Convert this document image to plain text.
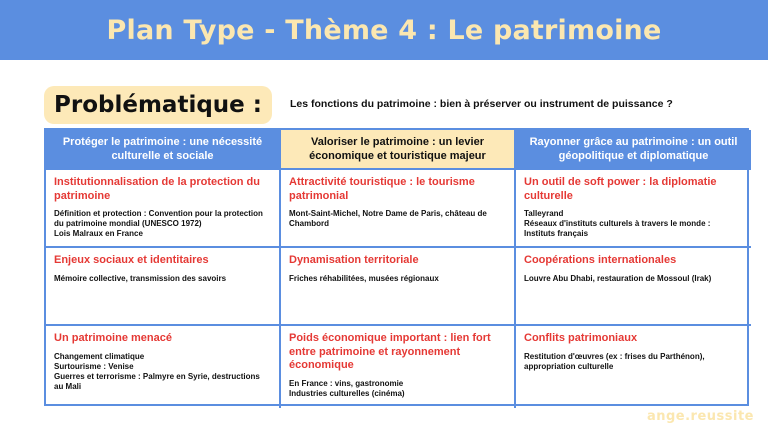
Plan Type - Thème 4 : Le patrimoine
Problématique :	Les fonctions du patrimoine : bien à préserver ou instrument de puissance ?
Protéger le patrimoine : une nécessité culturelle et sociale
Valoriser le patrimoine : un levier économique et touristique majeur
Rayonner grâce au patrimoine : un outil géopolitique et diplomatique
Institutionnalisation de la protection du patrimoine
Définition et protection : Convention pour la protection du patrimoine mondial (UNESCO 1972)
Lois Malraux en France
Attractivité touristique : le tourisme patrimonial
Mont-Saint-Michel, Notre Dame de Paris, château de Chambord
Un outil de soft power : la diplomatie culturelle
Talleyrand
Réseaux d'instituts culturels à travers le monde : Instituts français
Enjeux sociaux et identitaires
Mémoire collective, transmission des savoirs
Dynamisation territoriale
Friches réhabilitées, musées régionaux
Coopérations internationales
Louvre Abu Dhabi, restauration de Mossoul (Irak)
Un patrimoine menacé
Changement climatique
Surtourisme : Venise
Guerres et terrorisme : Palmyre en Syrie, destructions au Mali
Poids économique important : lien fort entre patrimoine et rayonnement économique
En France : vins, gastronomie
Industries culturelles (cinéma)
Conflits patrimoniaux
Restitution d'œuvres (ex : frises du Parthénon), appropriation culturelle
ange.reussite
